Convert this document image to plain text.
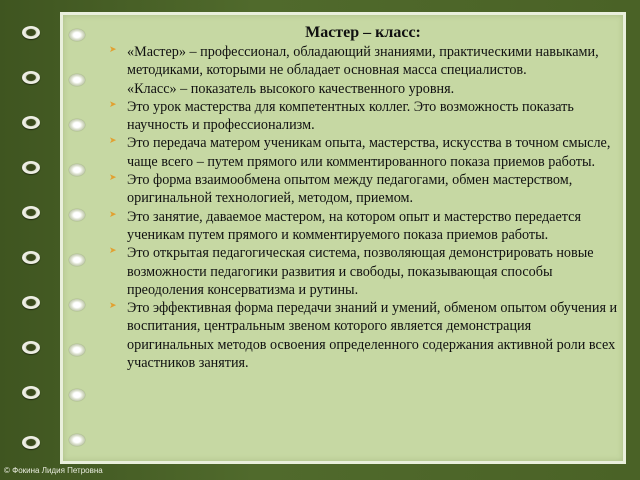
Мастер – класс:
➤ «Мастер» – профессионал, обладающий знаниями, практическими навыками, методиками, которыми не обладает основная масса специалистов.
«Класс» – показатель высокого качественного уровня.
➤ Это урок мастерства для компетентных коллег. Это возможность показать научность и профессионализм.
➤ Это передача матером ученикам опыта, мастерства, искусства в точном смысле, чаще всего – путем прямого или комментированного показа приемов работы.
➤ Это форма взаимообмена опытом между педагогами, обмен мастерством, оригинальной технологией, методом, приемом.
➤ Это занятие, даваемое мастером, на котором опыт и мастерство передается ученикам путем прямого и комментируемого показа приемов работы.
➤ Это открытая педагогическая система, позволяющая демонстрировать новые возможности педагогики развития и свободы, показывающая способы преодоления консерватизма и рутины.
➤ Это эффективная форма передачи знаний и умений, обменом опытом обучения и воспитания, центральным звеном которого является демонстрация оригинальных методов освоения определенного содержания активной роли всех участников занятия.
© Фокина Лидия Петровна
